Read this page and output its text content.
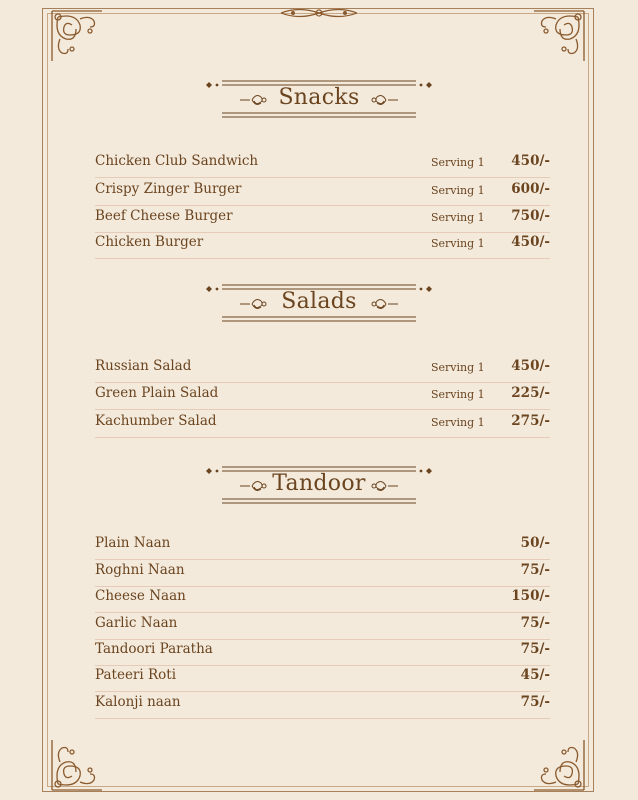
Snacks
Chicken Club Sandwich	Serving 1 450/-
Crispy Zinger Burger	Serving 1 600/-
Beef Cheese Burger	Serving 1 750/-
Chicken Burger	Serving 1 450/-
Salads
Russian Salad	Serving 1 450/-
Green Plain Salad	Serving 1 225/-
Kachumber Salad	Serving 1 275/-
Tandoor
Plain Naan	50/-
Roghni Naan	75/-
Cheese Naan	150/-
Garlic Naan	75/-
Tandoori Paratha	75/-
Pateeri Roti	45/-
Kalonji naan	75/-
